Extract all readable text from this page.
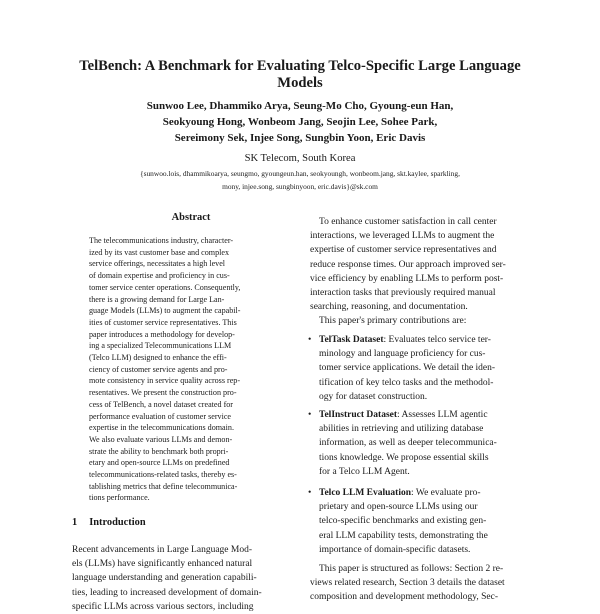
TelBench: A Benchmark for Evaluating Telco-Specific Large Language
Models
Sunwoo Lee, Dhammiko Arya, Seung-Mo Cho, Gyoung-eun Han,
Seokyoung Hong, Wonbeom Jang, Seojin Lee, Sohee Park,
Sereimony Sek, Injee Song, Sungbin Yoon, Eric Davis
SK Telecom, South Korea
{sunwoo.lois, dhammikoarya, seungmo, gyoungeun.han, seokyoungh, wonbeom.jang, skt.kaylee, sparkling,
mony, injee.song, sungbinyoon, eric.davis}@sk.com
Abstract
The telecommunications industry, character-
ized by its vast customer base and complex
service offerings, necessitates a high level
of domain expertise and proficiency in cus-
tomer service center operations. Consequently,
there is a growing demand for Large Lan-
guage Models (LLMs) to augment the capabil-
ities of customer service representatives. This
paper introduces a methodology for develop-
ing a specialized Telecommunications LLM
(Telco LLM) designed to enhance the effi-
ciency of customer service agents and pro-
mote consistency in service quality across rep-
resentatives. We present the construction pro-
cess of TelBench, a novel dataset created for
performance evaluation of customer service
expertise in the telecommunications domain.
We also evaluate various LLMs and demon-
strate the ability to benchmark both propri-
etary and open-source LLMs on predefined
telecommunications-related tasks, thereby es-
tablishing metrics that define telecommunica-
tions performance.
1 Introduction
Recent advancements in Large Language Mod-
els (LLMs) have significantly enhanced natural
language understanding and generation capabili-
ties, leading to increased development of domain-
specific LLMs across various sectors, including
To enhance customer satisfaction in call center
interactions, we leveraged LLMs to augment the
expertise of customer service representatives and
reduce response times. Our approach improved ser-
vice efficiency by enabling LLMs to perform post-
interaction tasks that previously required manual
searching, reasoning, and documentation.
This paper's primary contributions are:
• TelTask Dataset: Evaluates telco service ter-
minology and language proficiency for cus-
tomer service applications. We detail the iden-
tification of key telco tasks and the methodol-
ogy for dataset construction.
• TelInstruct Dataset: Assesses LLM agentic
abilities in retrieving and utilizing database
information, as well as deeper telecommunica-
tions knowledge. We propose essential skills
for a Telco LLM Agent.
• Telco LLM Evaluation: We evaluate pro-
prietary and open-source LLMs using our
telco-specific benchmarks and existing gen-
eral LLM capability tests, demonstrating the
importance of domain-specific datasets.
This paper is structured as follows: Section 2 re-
views related research, Section 3 details the dataset
composition and development methodology, Sec-
